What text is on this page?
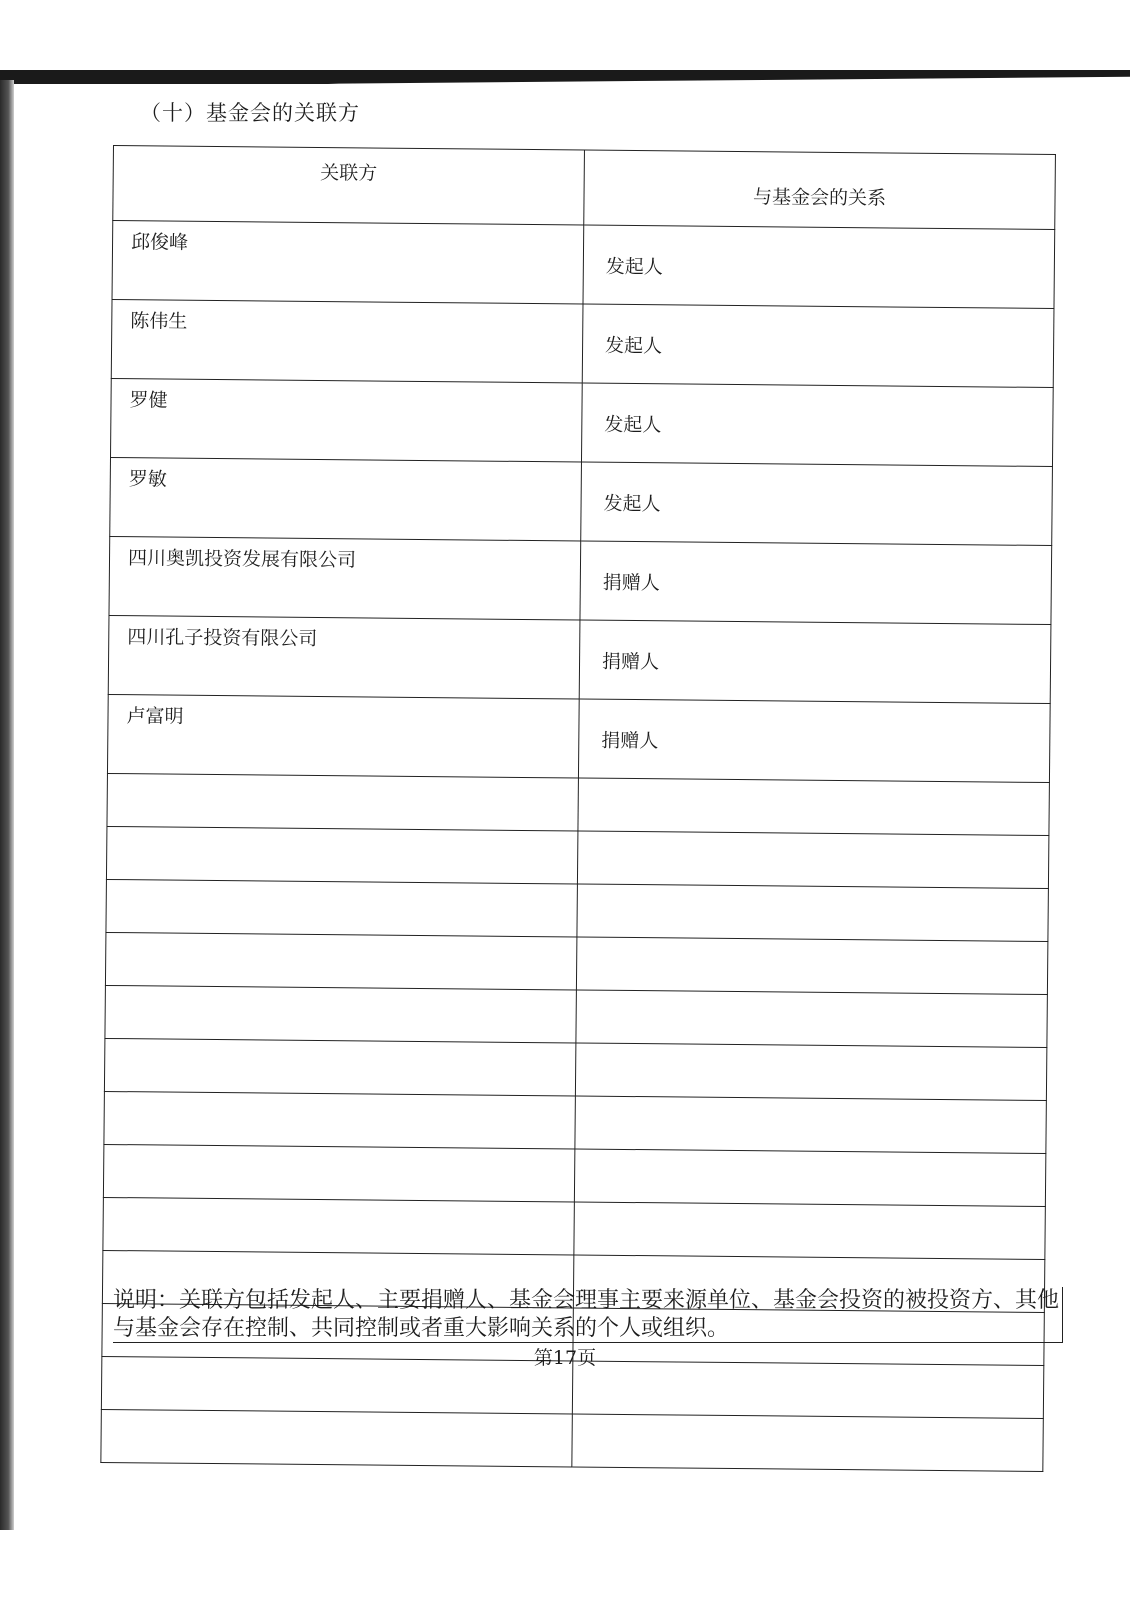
（十）基金会的关联方
关联方	与基金会的关系
邱俊峰	发起人
陈伟生	发起人
罗健	发起人
罗敏	发起人
四川奥凯投资发展有限公司	捐赠人
四川孔子投资有限公司	捐赠人
卢富明	捐赠人

说明：关联方包括发起人、主要捐赠人、基金会理事主要来源单位、基金会投资的被投资方、其他与基金会存在控制、共同控制或者重大影响关系的个人或组织。
第17页
